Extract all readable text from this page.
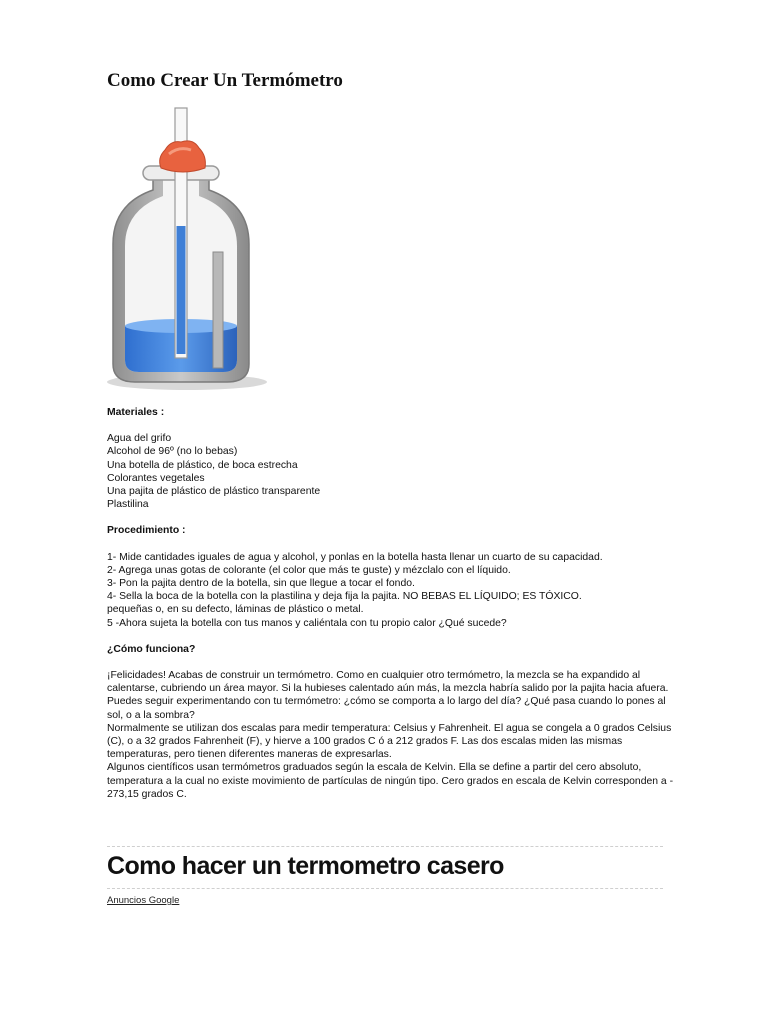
Como Crear Un Termómetro

Materiales :

Agua del grifo

Alcohol de 96º (no lo bebas)

Una botella de plástico, de boca estrecha

Colorantes vegetales

Una pajita de plástico de plástico transparente

Plastilina

Procedimiento :

1- Mide cantidades iguales de agua y alcohol, y ponlas en la botella hasta llenar un cuarto de su capacidad.

2- Agrega unas gotas de colorante (el color que más te guste) y mézclalo con el líquido.

3- Pon la pajita dentro de la botella, sin que llegue a tocar el fondo.

4- Sella la boca de la botella con la plastilina y deja fija la pajita. NO BEBAS EL LÍQUIDO; ES TÓXICO.

pequeñas o, en su defecto, láminas de plástico o metal.

5 -Ahora sujeta la botella con tus manos y caliéntala con tu propio calor ¿Qué sucede?

¿Cómo funciona?

¡Felicidades! Acabas de construir un termómetro. Como en cualquier otro termómetro, la mezcla se ha expandido al

calentarse, cubriendo un área mayor. Si la hubieses calentado aún más, la mezcla habría salido por la pajita hacia afuera.

Puedes seguir experimentando con tu termómetro: ¿cómo se comporta a lo largo del día? ¿Qué pasa cuando lo pones al

sol, o a la sombra?

Normalmente se utilizan dos escalas para medir temperatura: Celsius y Fahrenheit. El agua se congela a 0 grados Celsius

(C), o a 32 grados Fahrenheit (F), y hierve a 100 grados C ó a 212 grados F. Las dos escalas miden las mismas

temperaturas, pero tienen diferentes maneras de expresarlas.

Algunos científicos usan termómetros graduados según la escala de Kelvin. Ella se define a partir del cero absoluto,

temperatura a la cual no existe movimiento de partículas de ningún tipo. Cero grados en escala de Kelvin corresponden a -

273,15 grados C.

Como hacer un termometro casero
Anuncios Google
